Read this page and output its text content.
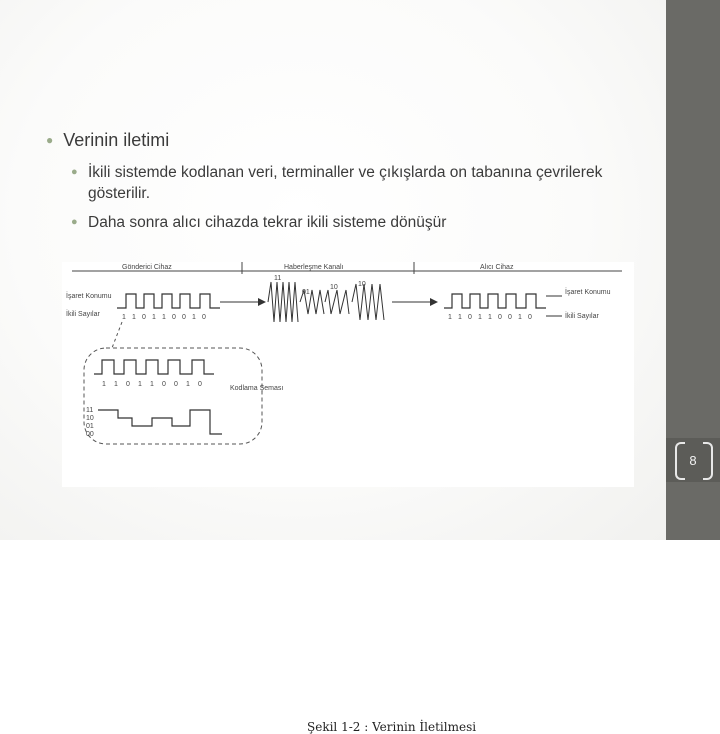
● Verinin iletimi
● İkili sistemde kodlanan veri, terminaller ve çıkışlarda on tabanına çevrilerek gösterilir.
● Daha sonra alıcı cihazda tekrar ikili sisteme dönüşür
Gönderici Cihaz	Haberleşme Kanalı	Alıcı Cihaz
İşaret Konumu
İkili Sayılar	1 1 0 1 1 0 0 1 0
11
01
10	10
1 1 0 1 1 0 0 1 0
İşaret Konumu
İkili Sayılar
1 1 0 1 1 0 0 1 0
Kodlama Şeması
11
10
01
00
Şekil 1-2 : Verinin İletilmesi
8
